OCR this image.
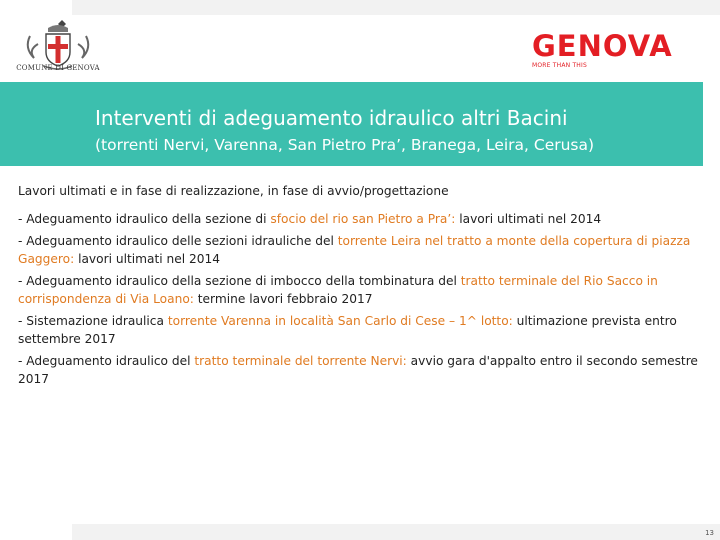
COMUNE DI GENOVA
GENOVA
MORE THAN THIS
Interventi di adeguamento idraulico altri Bacini
(torrenti Nervi, Varenna, San Pietro Pra’, Branega, Leira, Cerusa)
Lavori ultimati e in fase di realizzazione, in fase di avvio/progettazione
- Adeguamento idraulico della sezione di sfocio del rio san Pietro a Pra’: lavori ultimati nel 2014
- Adeguamento idraulico delle sezioni idrauliche del torrente Leira nel tratto a monte della copertura di piazza Gaggero: lavori ultimati nel 2014
- Adeguamento idraulico della sezione di imbocco della tombinatura del tratto terminale del Rio Sacco in corrispondenza di Via Loano: termine lavori febbraio 2017
- Sistemazione idraulica torrente Varenna in località San Carlo di Cese – 1^ lotto: ultimazione prevista entro settembre 2017
- Adeguamento idraulico del tratto terminale del torrente Nervi: avvio gara d'appalto entro il secondo semestre 2017
13
